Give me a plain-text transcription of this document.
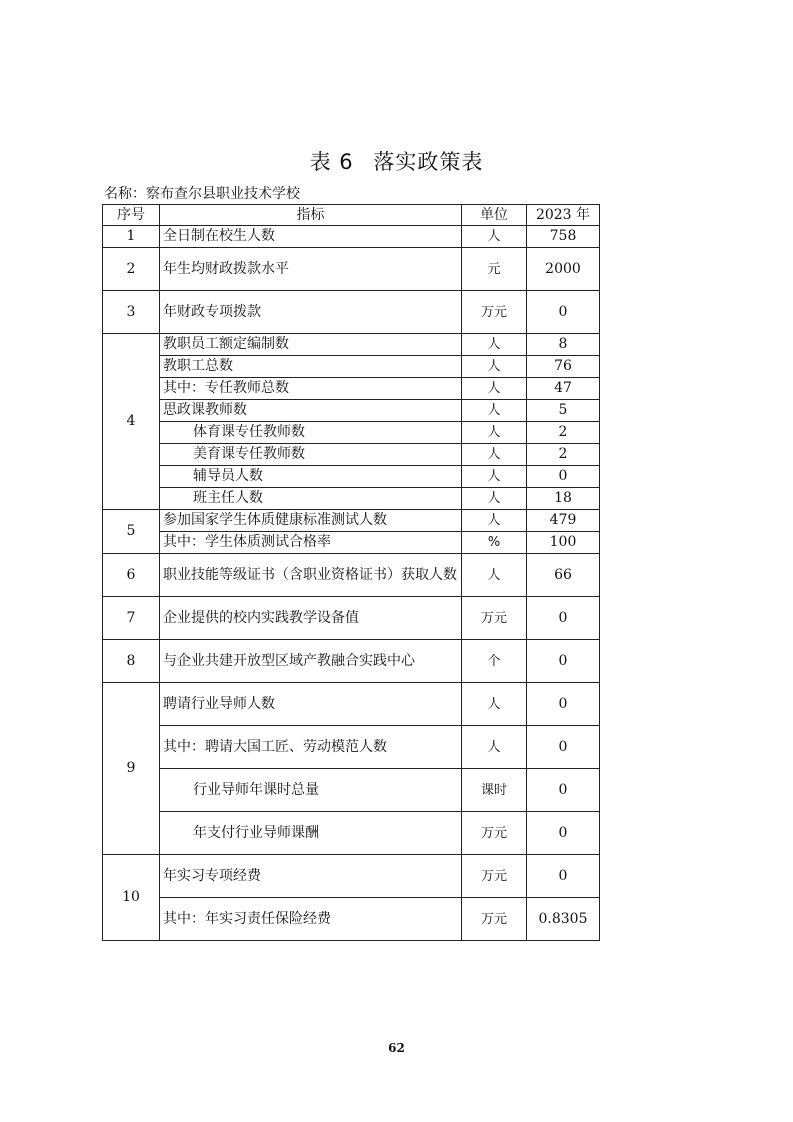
表 6 落实政策表
名称：察布查尔县职业技术学校
序号	指标	单位	2023 年
1	全日制在校生人数	人	758
2	年生均财政拨款水平	元	2000
3	年财政专项拨款	万元	0
4	教职员工额定编制数	人	8
	教职工总数	人	76
	其中：专任教师总数	人	47
	思政课教师数	人	5
	体育课专任教师数	人	2
	美育课专任教师数	人	2
	辅导员人数	人	0
	班主任人数	人	18
5	参加国家学生体质健康标准测试人数	人	479
	其中：学生体质测试合格率	%	100
6	职业技能等级证书（含职业资格证书）获取人数	人	66
7	企业提供的校内实践教学设备值	万元	0
8	与企业共建开放型区域产教融合实践中心	个	0
9	聘请行业导师人数	人	0
	其中：聘请大国工匠、劳动模范人数	人	0
	行业导师年课时总量	课时	0
	年支付行业导师课酬	万元	0
10	年实习专项经费	万元	0
	其中：年实习责任保险经费	万元	0.8305
62
